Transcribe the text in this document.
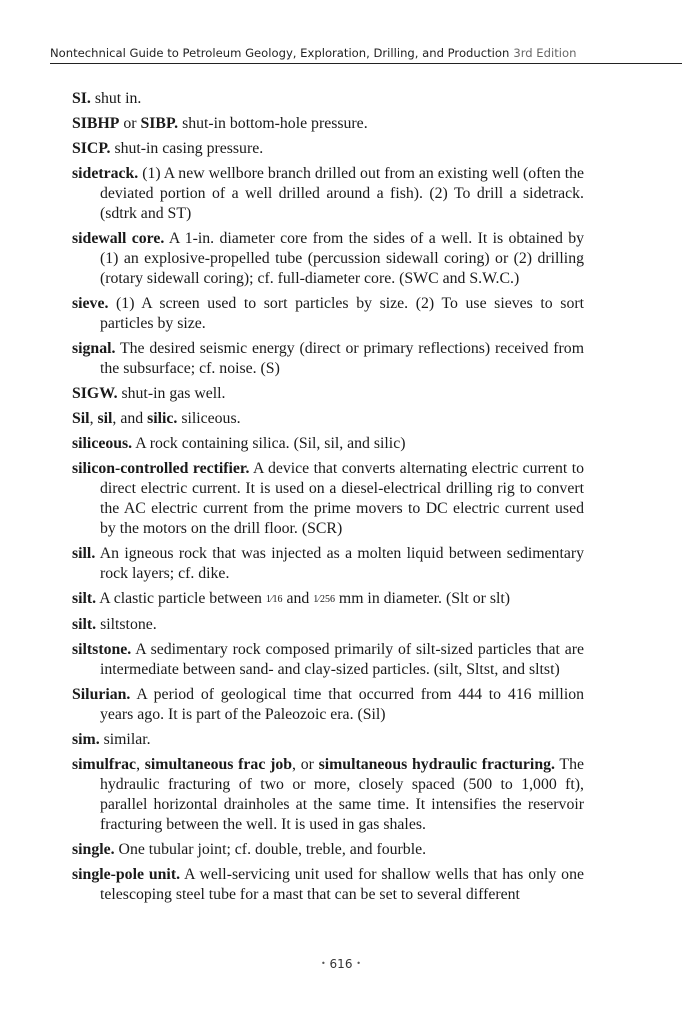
Nontechnical Guide to Petroleum Geology, Exploration, Drilling, and Production 3rd Edition

SI. shut in.

SIBHP or SIBP. shut-in bottom-hole pressure.

SICP. shut-in casing pressure.

sidetrack. (1) A new wellbore branch drilled out from an existing well (often the deviated portion of a well drilled around a fish). (2) To drill a sidetrack. (sdtrk and ST)

sidewall core. A 1-in. diameter core from the sides of a well. It is obtained by (1) an explosive-propelled tube (percussion sidewall coring) or (2) drilling (rotary sidewall coring); cf. full-diameter core. (SWC and S.W.C.)

sieve. (1) A screen used to sort particles by size. (2) To use sieves to sort particles by size.

signal. The desired seismic energy (direct or primary reflections) received from the subsurface; cf. noise. (S)

SIGW. shut-in gas well.

Sil, sil, and silic. siliceous.

siliceous. A rock containing silica. (Sil, sil, and silic)

silicon-controlled rectifier. A device that converts alternating electric current to direct electric current. It is used on a diesel-electrical drilling rig to convert the AC electric current from the prime movers to DC electric current used by the motors on the drill floor. (SCR)

sill. An igneous rock that was injected as a molten liquid between sedimentary rock layers; cf. dike.

silt. A clastic particle between 1⁄16 and 1⁄256 mm in diameter. (Slt or slt)

silt. siltstone.

siltstone. A sedimentary rock composed primarily of silt-sized particles that are intermediate between sand- and clay-sized particles. (silt, Sltst, and sltst)

Silurian. A period of geological time that occurred from 444 to 416 million years ago. It is part of the Paleozoic era. (Sil)

sim. similar.

simulfrac, simultaneous frac job, or simultaneous hydraulic fracturing. The hydraulic fracturing of two or more, closely spaced (500 to 1,000 ft), parallel horizontal drainholes at the same time. It intensifies the reservoir fracturing between the well. It is used in gas shales.

single. One tubular joint; cf. double, treble, and fourble.

single-pole unit. A well-servicing unit used for shallow wells that has only one telescoping steel tube for a mast that can be set to several different

• 616 •
